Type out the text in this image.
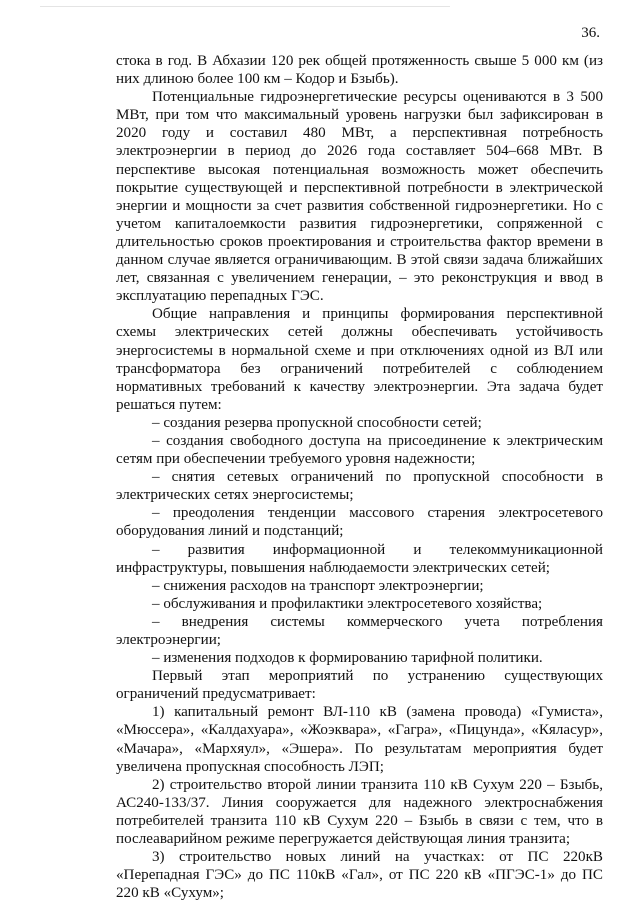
36.

стока в год. В Абхазии 120 рек общей протяженность свыше 5 000 км (из них длиною более 100 км – Кодор и Бзыбь).

Потенциальные гидроэнергетические ресурсы оцениваются в 3 500 МВт, при том что максимальный уровень нагрузки был зафиксирован в 2020 году и составил 480 МВт, а перспективная потребность электроэнергии в период до 2026 года составляет 504–668 МВт. В перспективе высокая потенциальная возможность может обеспечить покрытие существующей и перспективной потребности в электрической энергии и мощности за счет развития собственной гидроэнергетики. Но с учетом капиталоемкости развития гидроэнергетики, сопряженной с длительностью сроков проектирования и строительства фактор времени в данном случае является ограничивающим. В этой связи задача ближайших лет, связанная с увеличением генерации, – это реконструкция и ввод в эксплуатацию перепадных ГЭС.

Общие направления и принципы формирования перспективной схемы электрических сетей должны обеспечивать устойчивость энергосистемы в нормальной схеме и при отключениях одной из ВЛ или трансформатора без ограничений потребителей с соблюдением нормативных требований к качеству электроэнергии. Эта задача будет решаться путем:

– создания резерва пропускной способности сетей;

– создания свободного доступа на присоединение к электрическим сетям при обеспечении требуемого уровня надежности;

– снятия сетевых ограничений по пропускной способности в электрических сетях энергосистемы;

– преодоления тенденции массового старения электросетевого оборудования линий и подстанций;

– развития информационной и телекоммуникационной инфраструктуры, повышения наблюдаемости электрических сетей;

– снижения расходов на транспорт электроэнергии;

– обслуживания и профилактики электросетевого хозяйства;

– внедрения системы коммерческого учета потребления электроэнергии;

– изменения подходов к формированию тарифной политики.

Первый этап мероприятий по устранению существующих ограничений предусматривает:

1) капитальный ремонт ВЛ-110 кВ (замена провода) «Гумиста», «Мюссера», «Калдахуара», «Жоэквара», «Гагра», «Пицунда», «Кяласур», «Мачара», «Мархяул», «Эшера». По результатам мероприятия будет увеличена пропускная способность ЛЭП;

2) строительство второй линии транзита 110 кВ Сухум 220 – Бзыбь, АС240-133/37. Линия сооружается для надежного электроснабжения потребителей транзита 110 кВ Сухум 220 – Бзыбь в связи с тем, что в послеаварийном режиме перегружается действующая линия транзита;

3) строительство новых линий на участках: от ПС 220кВ «Перепадная ГЭС» до ПС 110кВ «Гал», от ПС 220 кВ «ПГЭС-1» до ПС 220 кВ «Сухум»;
